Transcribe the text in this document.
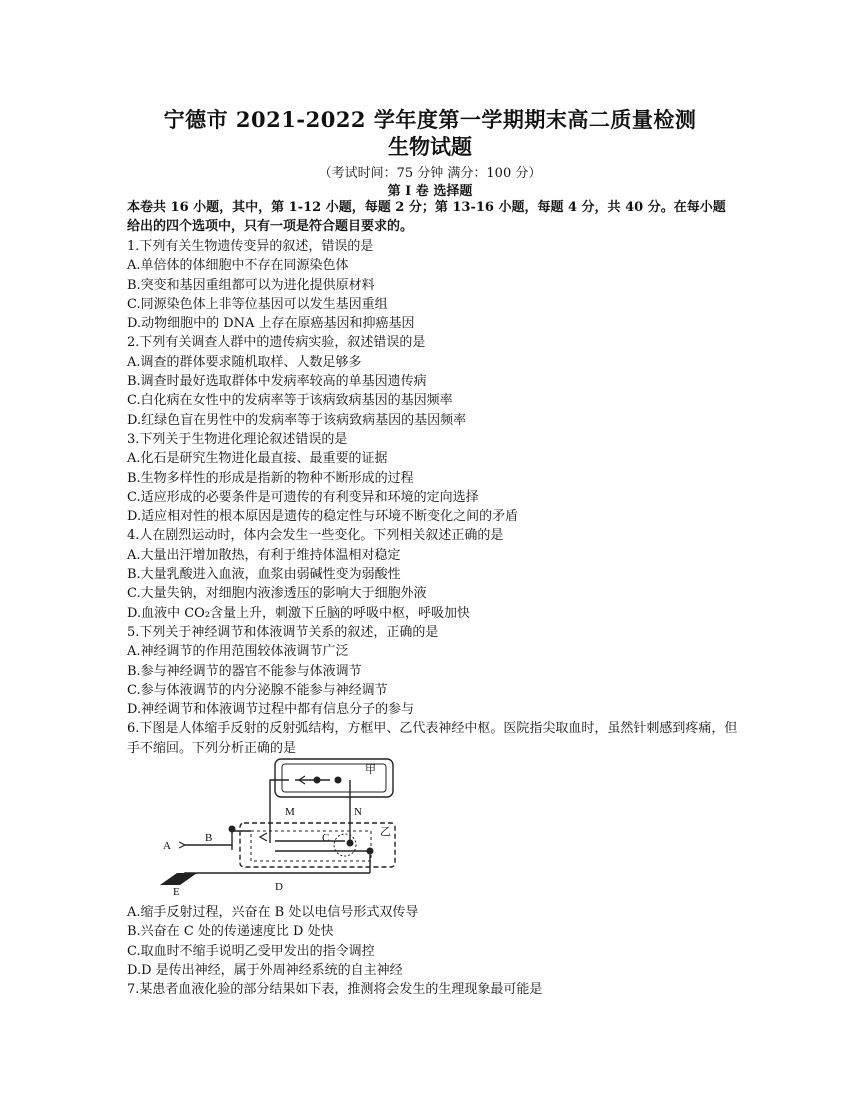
宁德市 2021-2022 学年度第一学期期末高二质量检测
生物试题
（考试时间：75 分钟 满分：100 分）
第 I 卷 选择题
本卷共 16 小题，其中，第 1-12 小题，每题 2 分；第 13-16 小题，每题 4 分，共 40 分。在每小题给出的四个选项中，只有一项是符合题目要求的。
1.下列有关生物遗传变异的叙述，错误的是
A.单倍体的体细胞中不存在同源染色体
B.突变和基因重组都可以为进化提供原材料
C.同源染色体上非等位基因可以发生基因重组
D.动物细胞中的 DNA 上存在原癌基因和抑癌基因
2.下列有关调查人群中的遗传病实验，叙述错误的是
A.调查的群体要求随机取样、人数足够多
B.调查时最好选取群体中发病率较高的单基因遗传病
C.白化病在女性中的发病率等于该病致病基因的基因频率
D.红绿色盲在男性中的发病率等于该病致病基因的基因频率
3.下列关于生物进化理论叙述错误的是
A.化石是研究生物进化最直接、最重要的证据
B.生物多样性的形成是指新的物种不断形成的过程
C.适应形成的必要条件是可遗传的有利变异和环境的定向选择
D.适应相对性的根本原因是遗传的稳定性与环境不断变化之间的矛盾
4.人在剧烈运动时，体内会发生一些变化。下列相关叙述正确的是
A.大量出汗增加散热，有利于维持体温相对稳定
B.大量乳酸进入血液，血浆由弱碱性变为弱酸性
C.大量失钠，对细胞内液渗透压的影响大于细胞外液
D.血液中 CO₂含量上升，刺激下丘脑的呼吸中枢，呼吸加快
5.下列关于神经调节和体液调节关系的叙述，正确的是
A.神经调节的作用范围较体液调节广泛
B.参与神经调节的器官不能参与体液调节
C.参与体液调节的内分泌腺不能参与神经调节
D.神经调节和体液调节过程中都有信息分子的参与
6.下图是人体缩手反射的反射弧结构，方框甲、乙代表神经中枢。医院指尖取血时，虽然针刺感到疼痛，但手不缩回。下列分析正确的是
甲
乙
A
B	C
D
E
M	N
A.缩手反射过程，兴奋在 B 处以电信号形式双传导
B.兴奋在 C 处的传递速度比 D 处快
C.取血时不缩手说明乙受甲发出的指令调控
D.D 是传出神经，属于外周神经系统的自主神经
7.某患者血液化验的部分结果如下表，推测将会发生的生理现象最可能是
